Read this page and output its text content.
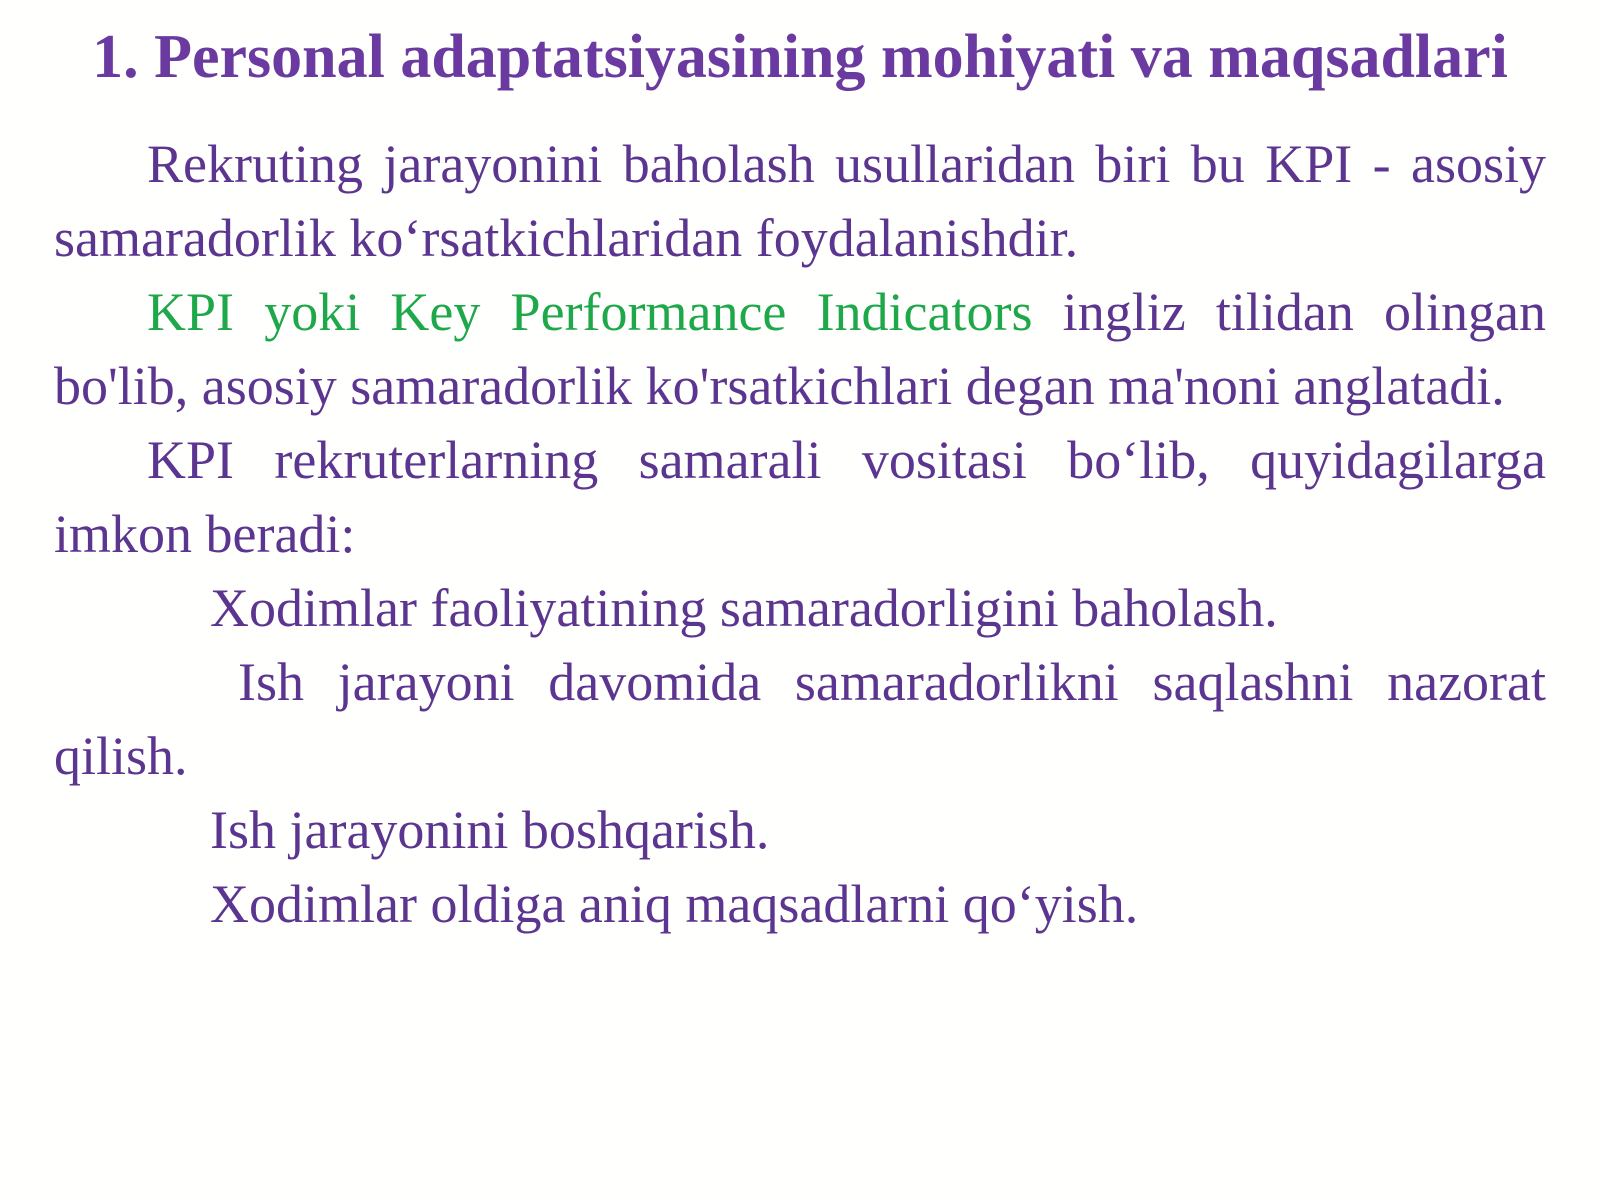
1. Personal adaptatsiyasining mohiyati va maqsadlari

Rekruting jarayonini baholash usullaridan biri bu KPI - asosiy samaradorlik ko‘rsatkichlaridan foydalanishdir.

KPI yoki Key Performance Indicators ingliz tilidan olingan bo'lib, asosiy samaradorlik ko'rsatkichlari degan ma'noni anglatadi.

KPI rekruterlarning samarali vositasi bo‘lib, quyidagilarga imkon beradi:

Xodimlar faoliyatining samaradorligini baholash.

Ish jarayoni davomida samaradorlikni saqlashni nazorat qilish.

Ish jarayonini boshqarish.

Xodimlar oldiga aniq maqsadlarni qo‘yish.
